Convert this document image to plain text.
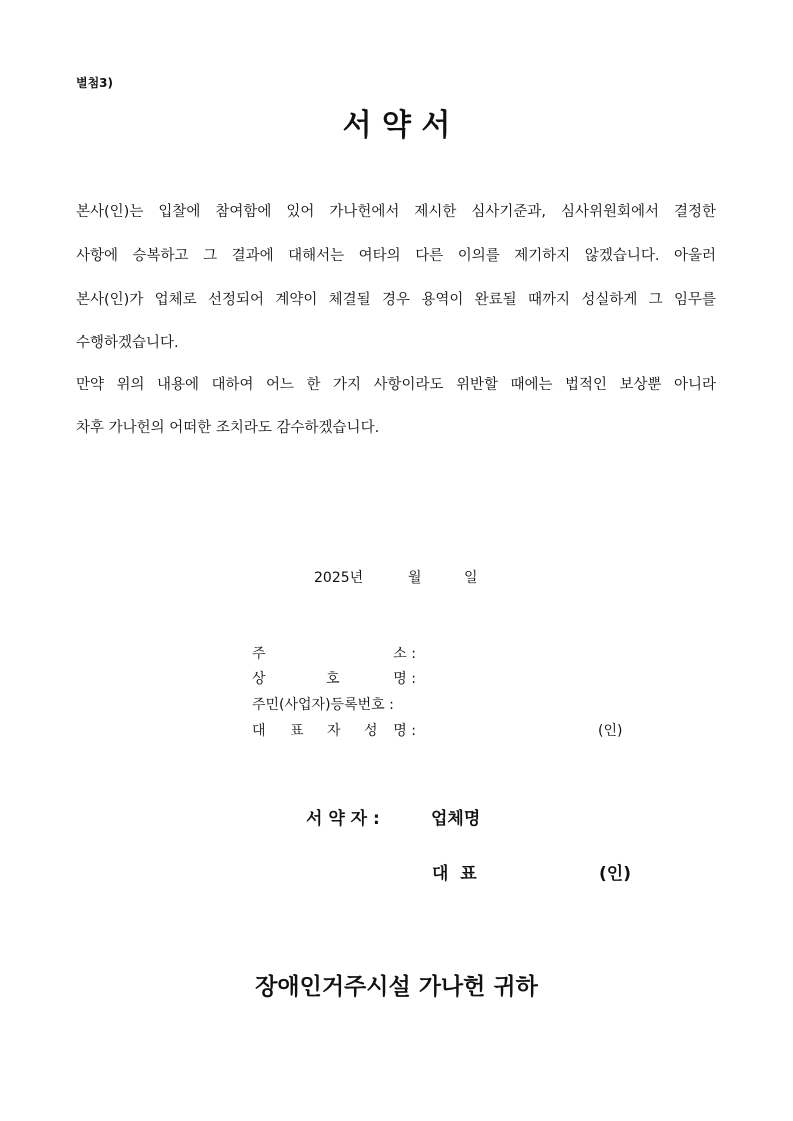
별첨3)
서 약 서
본사(인)는 입찰에 참여함에 있어 가나헌에서 제시한 심사기준과, 심사위원회에서 결정한
사항에 승복하고 그 결과에 대해서는 여타의 다른 이의를 제기하지 않겠습니다. 아울러
본사(인)가 업체로 선정되어 계약이 체결될 경우 용역이 완료될 때까지 성실하게 그 임무를
수행하겠습니다.
만약 위의 내용에 대하여 어느 한 가지 사항이라도 위반할 때에는 법적인 보상뿐 아니라
차후 가나헌의 어떠한 조치라도 감수하겠습니다.
2025년	월	일
주	소 :
상	호	명 :
주민(사업자)등록번호 :
대 표 자 성 명 :	(인)
서 약 자 :	업체명
대  표	(인)
장애인거주시설 가나헌 귀하
